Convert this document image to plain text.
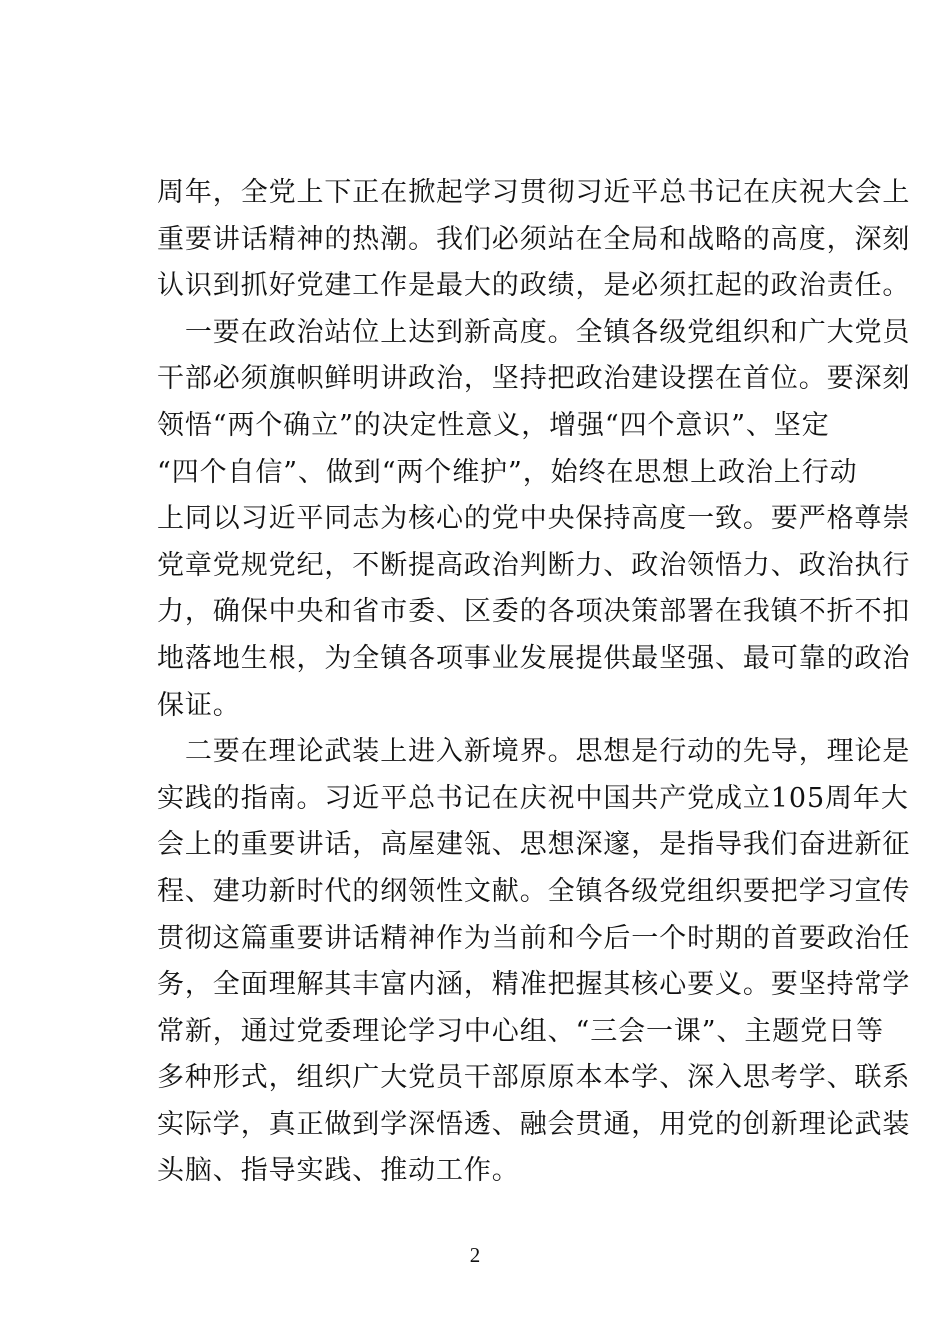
周年，全党上下正在掀起学习贯彻习近平总书记在庆祝大会上
重要讲话精神的热潮。我们必须站在全局和战略的高度，深刻
认识到抓好党建工作是最大的政绩，是必须扛起的政治责任。
　一要在政治站位上达到新高度。全镇各级党组织和广大党员
干部必须旗帜鲜明讲政治，坚持把政治建设摆在首位。要深刻
领悟“两个确立”的决定性意义，增强“四个意识”、坚定
“四个自信”、做到“两个维护”，始终在思想上政治上行动
上同以习近平同志为核心的党中央保持高度一致。要严格尊崇
党章党规党纪，不断提高政治判断力、政治领悟力、政治执行
力，确保中央和省市委、区委的各项决策部署在我镇不折不扣
地落地生根，为全镇各项事业发展提供最坚强、最可靠的政治
保证。
　二要在理论武装上进入新境界。思想是行动的先导，理论是
实践的指南。习近平总书记在庆祝中国共产党成立105周年大
会上的重要讲话，高屋建瓴、思想深邃，是指导我们奋进新征
程、建功新时代的纲领性文献。全镇各级党组织要把学习宣传
贯彻这篇重要讲话精神作为当前和今后一个时期的首要政治任
务，全面理解其丰富内涵，精准把握其核心要义。要坚持常学
常新，通过党委理论学习中心组、“三会一课”、主题党日等
多种形式，组织广大党员干部原原本本学、深入思考学、联系
实际学，真正做到学深悟透、融会贯通，用党的创新理论武装
头脑、指导实践、推动工作。
2
